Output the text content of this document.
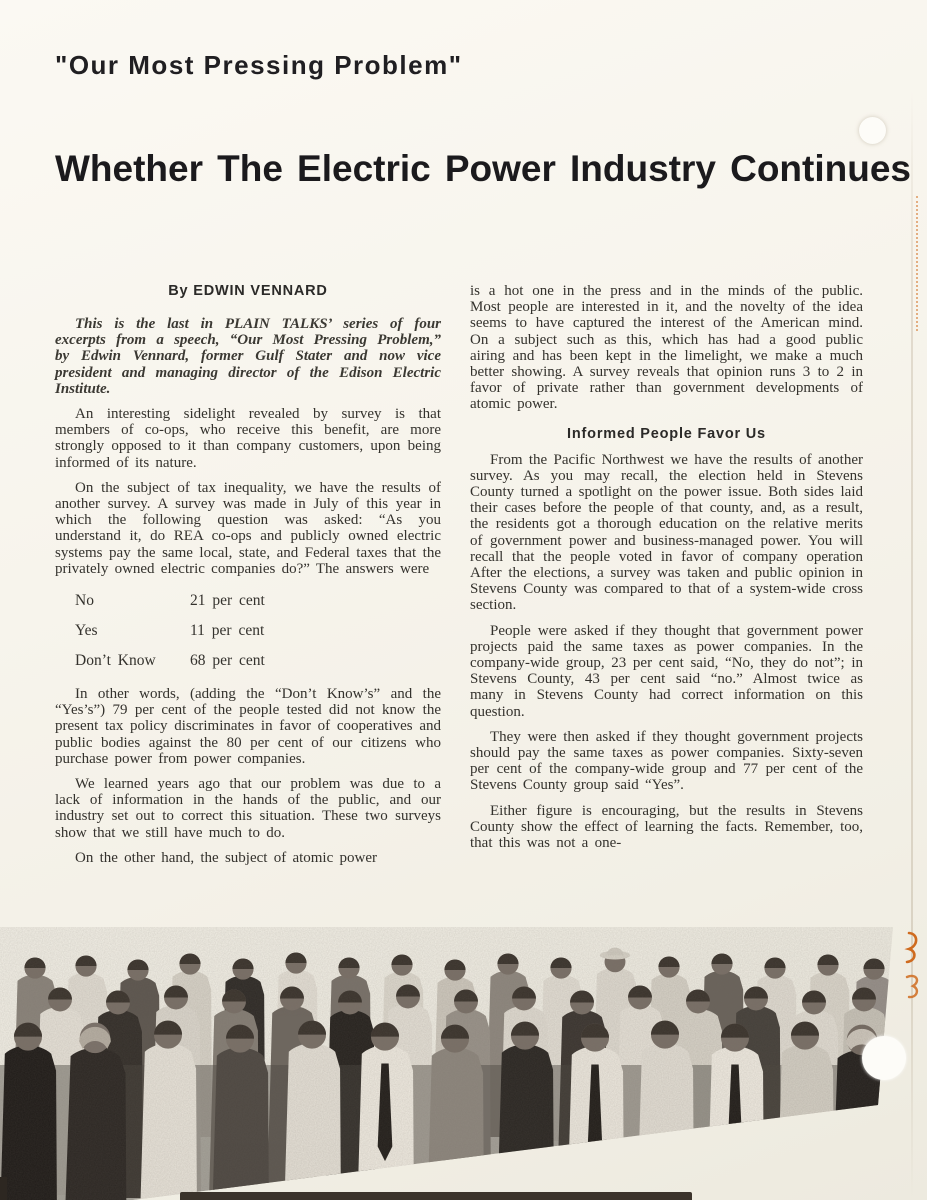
"Our Most Pressing Problem"
Whether The Electric Power Industry Continues
By EDWIN VENNARD

This is the last in PLAIN TALKS’ series of four excerpts from a speech, “Our Most Pressing Problem,” by Edwin Vennard, former Gulf Stater and now vice president and managing director of the Edison Electric Institute.

An interesting sidelight revealed by survey is that members of co-ops, who receive this benefit, are more strongly opposed to it than company customers, upon being informed of its nature.

On the subject of tax inequality, we have the results of another survey. A survey was made in July of this year in which the following question was asked: “As you understand it, do REA co-ops and publicly owned electric systems pay the same local, state, and Federal taxes that the privately owned electric companies do?” The answers were

No	21 per cent
Yes	11 per cent
Don’t Know	68 per cent

In other words, (adding the “Don’t Know’s” and the “Yes’s”) 79 per cent of the people tested did not know the present tax policy discriminates in favor of cooperatives and public bodies against the 80 per cent of our citizens who purchase power from power companies.

We learned years ago that our problem was due to a lack of information in the hands of the public, and our industry set out to correct this situation. These two surveys show that we still have much to do.

On the other hand, the subject of atomic power

is a hot one in the press and in the minds of the public. Most people are interested in it, and the novelty of the idea seems to have captured the interest of the American mind. On a subject such as this, which has had a good public airing and has been kept in the limelight, we make a much better showing. A survey reveals that opinion runs 3 to 2 in favor of private rather than government developments of atomic power.

Informed People Favor Us

From the Pacific Northwest we have the results of another survey. As you may recall, the election held in Stevens County turned a spotlight on the power issue. Both sides laid their cases before the people of that county, and, as a result, the residents got a thorough education on the relative merits of government power and business-managed power. You will recall that the people voted in favor of company operation After the elections, a survey was taken and public opinion in Stevens County was compared to that of a system-wide cross section.

People were asked if they thought that government power projects paid the same taxes as power companies. In the company-wide group, 23 per cent said, “No, they do not”; in Stevens County, 43 per cent said “no.” Almost twice as many in Stevens County had correct information on this question.

They were then asked if they thought government projects should pay the same taxes as power companies. Sixty-seven per cent of the company-wide group and 77 per cent of the Stevens County group said “Yes”.

Either figure is encouraging, but the results in Stevens County show the effect of learning the facts. Remember, too, that this was not a one-
